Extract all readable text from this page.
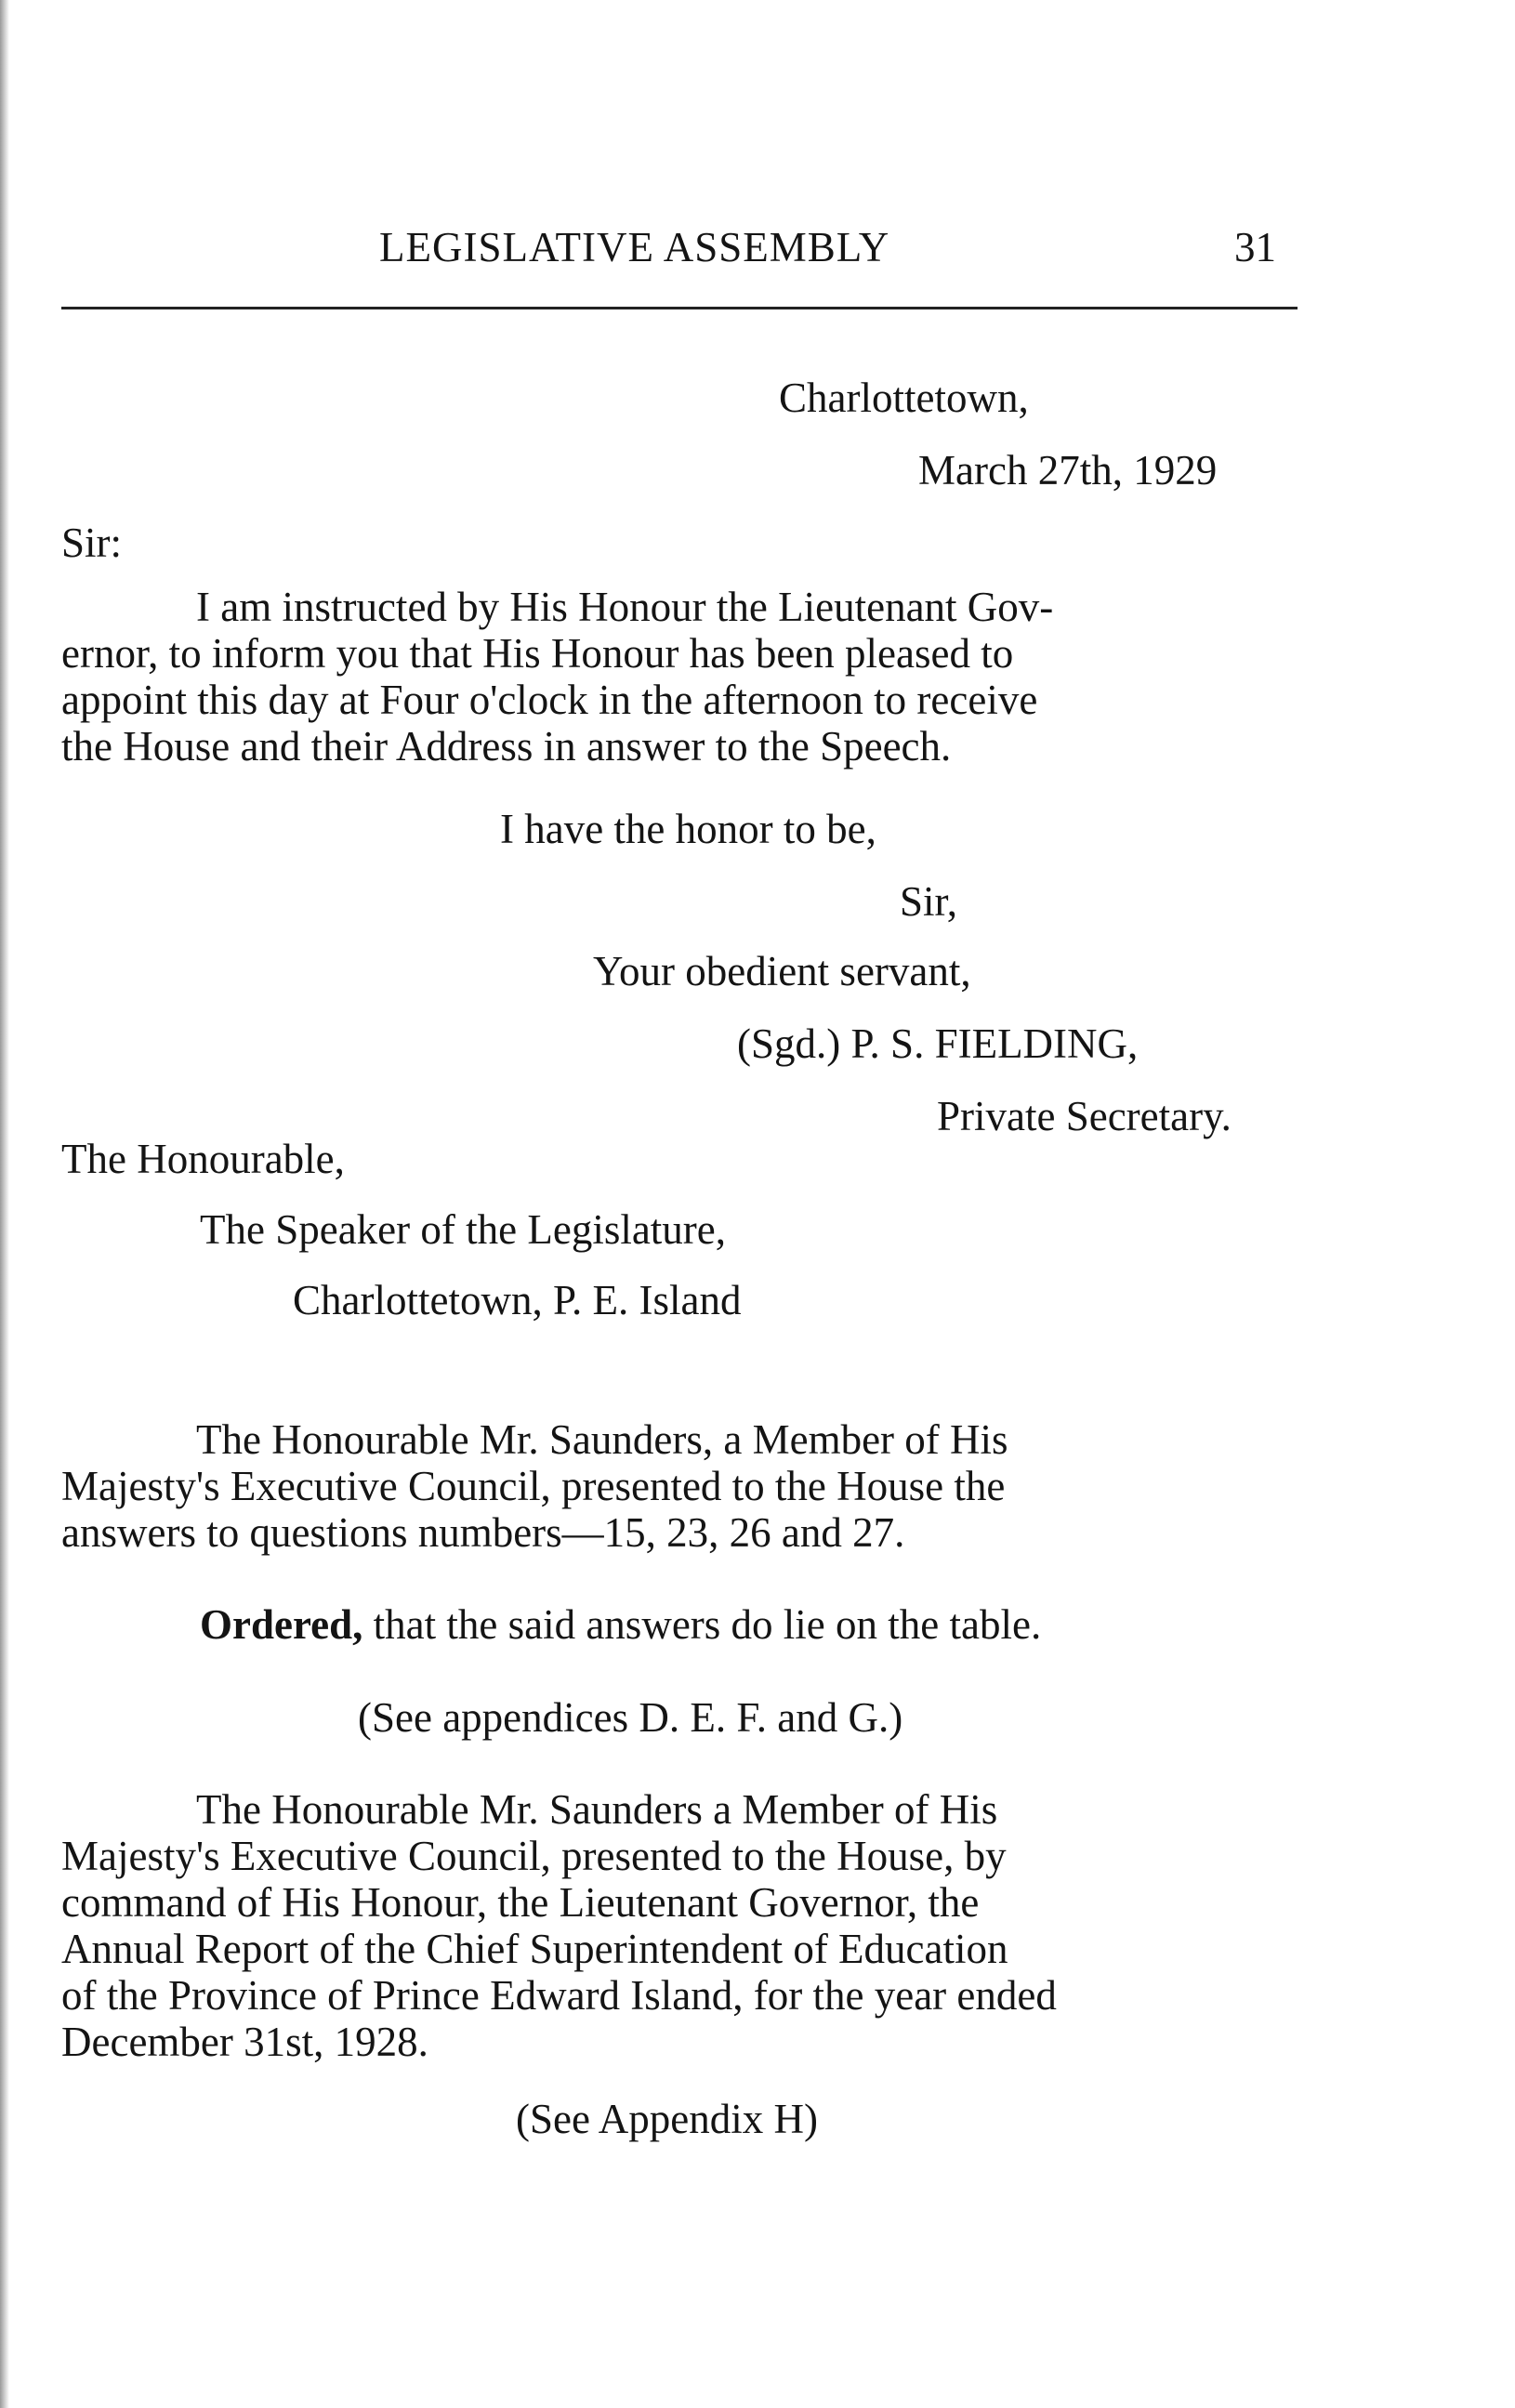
LEGISLATIVE ASSEMBLY	31
Charlottetown,
March 27th, 1929
Sir:
I am instructed by His Honour the Lieutenant Gov-
ernor, to inform you that His Honour has been pleased to
appoint this day at Four o'clock in the afternoon to receive
the House and their Address in answer to the Speech.
I have the honor to be,
Sir,
Your obedient servant,
(Sgd.) P. S. FIELDING,
Private Secretary.
The Honourable,
The Speaker of the Legislature,
Charlottetown, P. E. Island
The Honourable Mr. Saunders, a Member of His
Majesty's Executive Council, presented to the House the
answers to questions numbers—15, 23, 26 and 27.
Ordered, that the said answers do lie on the table.
(See appendices D. E. F. and G.)
The Honourable Mr. Saunders a Member of His
Majesty's Executive Council, presented to the House, by
command of His Honour, the Lieutenant Governor, the
Annual Report of the Chief Superintendent of Education
of the Province of Prince Edward Island, for the year ended
December 31st, 1928.
(See Appendix H)
